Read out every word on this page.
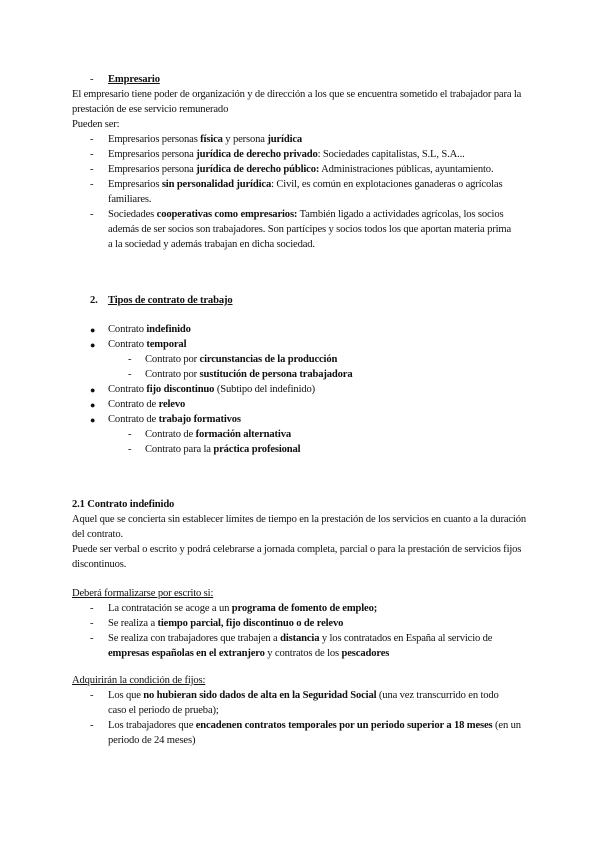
- Empresario

El empresario tiene poder de organización y de dirección a los que se encuentra sometido el trabajador para la prestación de ese servicio remunerado

Pueden ser:

- Empresarios personas física y persona jurídica

- Empresarios persona jurídica de derecho privado: Sociedades capitalistas, S.L, S.A...

- Empresarios persona jurídica de derecho público: Administraciones públicas, ayuntamiento.

- Empresarios sin personalidad jurídica: Civil, es común en explotaciones ganaderas o agrícolas familiares.

- Sociedades cooperativas como empresarios: También ligado a actividades agrícolas, los socios además de ser socios son trabajadores. Son partícipes y socios todos los que aportan materia prima a la sociedad y además trabajan en dicha sociedad.

2. Tipos de contrato de trabajo

● Contrato indefinido

● Contrato temporal

- Contrato por circunstancias de la producción

- Contrato por sustitución de persona trabajadora

● Contrato fijo discontinuo (Subtipo del indefinido)

● Contrato de relevo

● Contrato de trabajo formativos

- Contrato de formación alternativa

- Contrato para la práctica profesional

2.1 Contrato indefinido

Aquel que se concierta sin establecer límites de tiempo en la prestación de los servicios en cuanto a la duración del contrato.

Puede ser verbal o escrito y podrá celebrarse a jornada completa, parcial o para la prestación de servicios fijos discontinuos.

Deberá formalizarse por escrito si:

- La contratación se acoge a un programa de fomento de empleo;

- Se realiza a tiempo parcial, fijo discontinuo o de relevo

- Se realiza con trabajadores que trabajen a distancia y los contratados en España al servicio de empresas españolas en el extranjero y contratos de los pescadores

Adquirirán la condición de fijos:

- Los que no hubieran sido dados de alta en la Seguridad Social (una vez transcurrido en todo caso el periodo de prueba);

- Los trabajadores que encadenen contratos temporales por un periodo superior a 18 meses (en un periodo de 24 meses)
